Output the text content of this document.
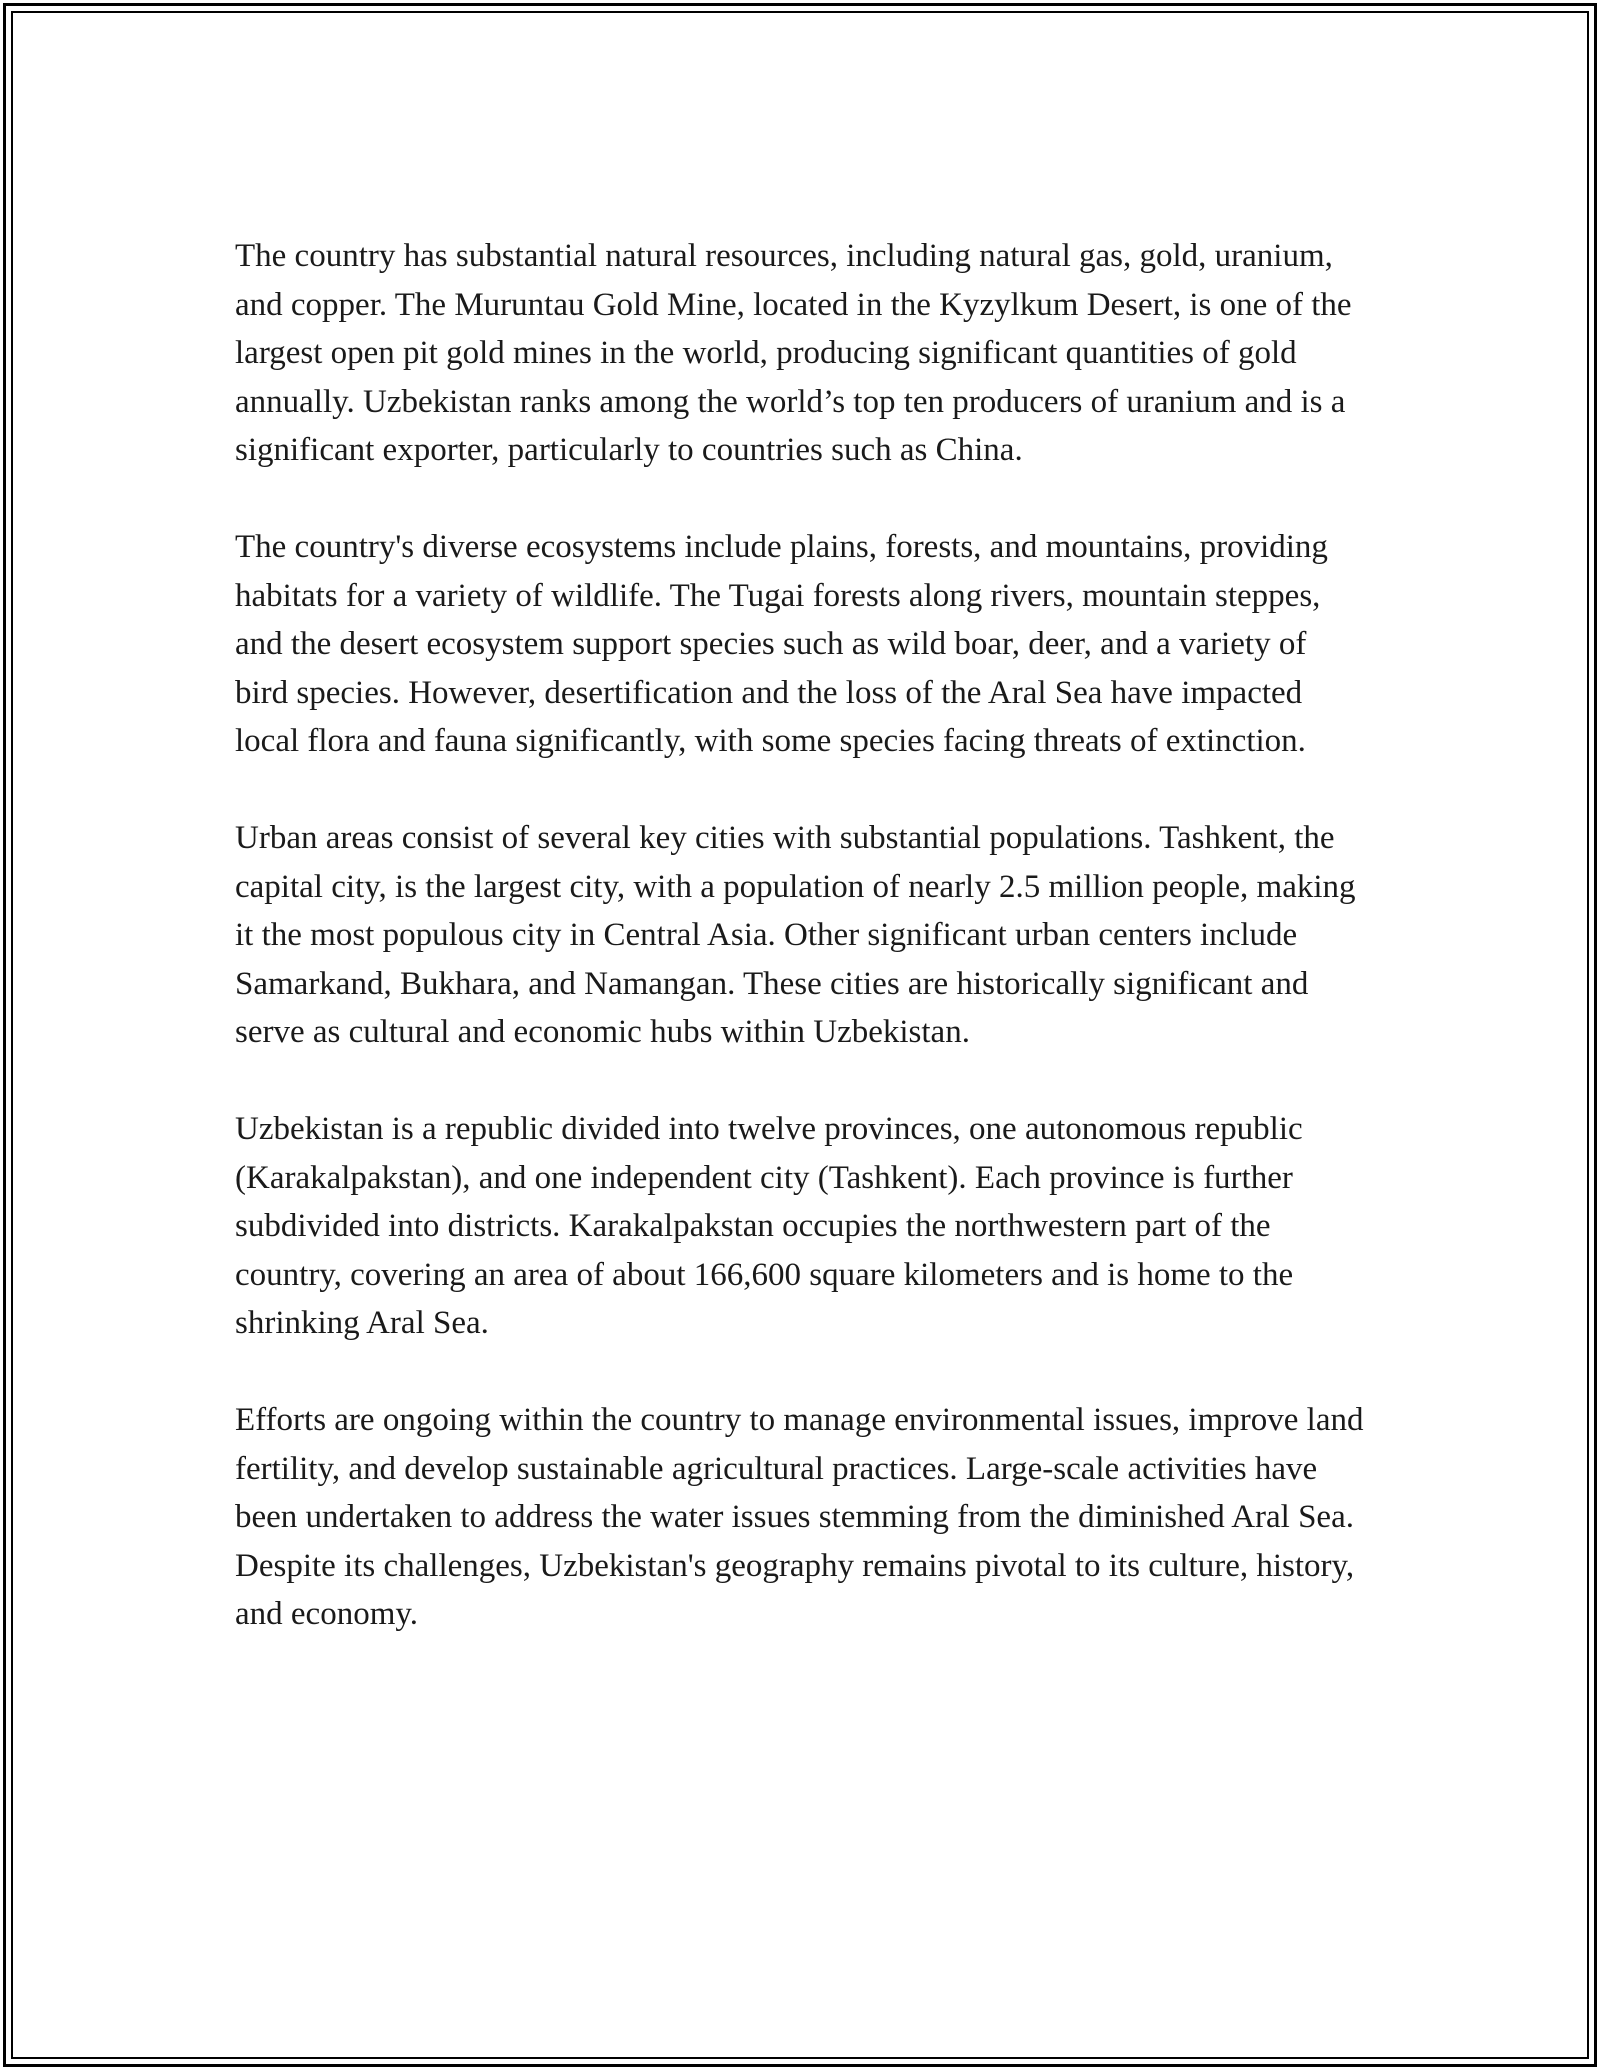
The country has substantial natural resources, including natural gas, gold, uranium, and copper. The Muruntau Gold Mine, located in the Kyzylkum Desert, is one of the largest open pit gold mines in the world, producing significant quantities of gold annually. Uzbekistan ranks among the world’s top ten producers of uranium and is a significant exporter, particularly to countries such as China.

The country's diverse ecosystems include plains, forests, and mountains, providing habitats for a variety of wildlife. The Tugai forests along rivers, mountain steppes, and the desert ecosystem support species such as wild boar, deer, and a variety of bird species. However, desertification and the loss of the Aral Sea have impacted local flora and fauna significantly, with some species facing threats of extinction.

Urban areas consist of several key cities with substantial populations. Tashkent, the capital city, is the largest city, with a population of nearly 2.5 million people, making it the most populous city in Central Asia. Other significant urban centers include Samarkand, Bukhara, and Namangan. These cities are historically significant and serve as cultural and economic hubs within Uzbekistan.

Uzbekistan is a republic divided into twelve provinces, one autonomous republic (Karakalpakstan), and one independent city (Tashkent). Each province is further subdivided into districts. Karakalpakstan occupies the northwestern part of the country, covering an area of about 166,600 square kilometers and is home to the shrinking Aral Sea.

Efforts are ongoing within the country to manage environmental issues, improve land fertility, and develop sustainable agricultural practices. Large-scale activities have been undertaken to address the water issues stemming from the diminished Aral Sea. Despite its challenges, Uzbekistan's geography remains pivotal to its culture, history, and economy.
